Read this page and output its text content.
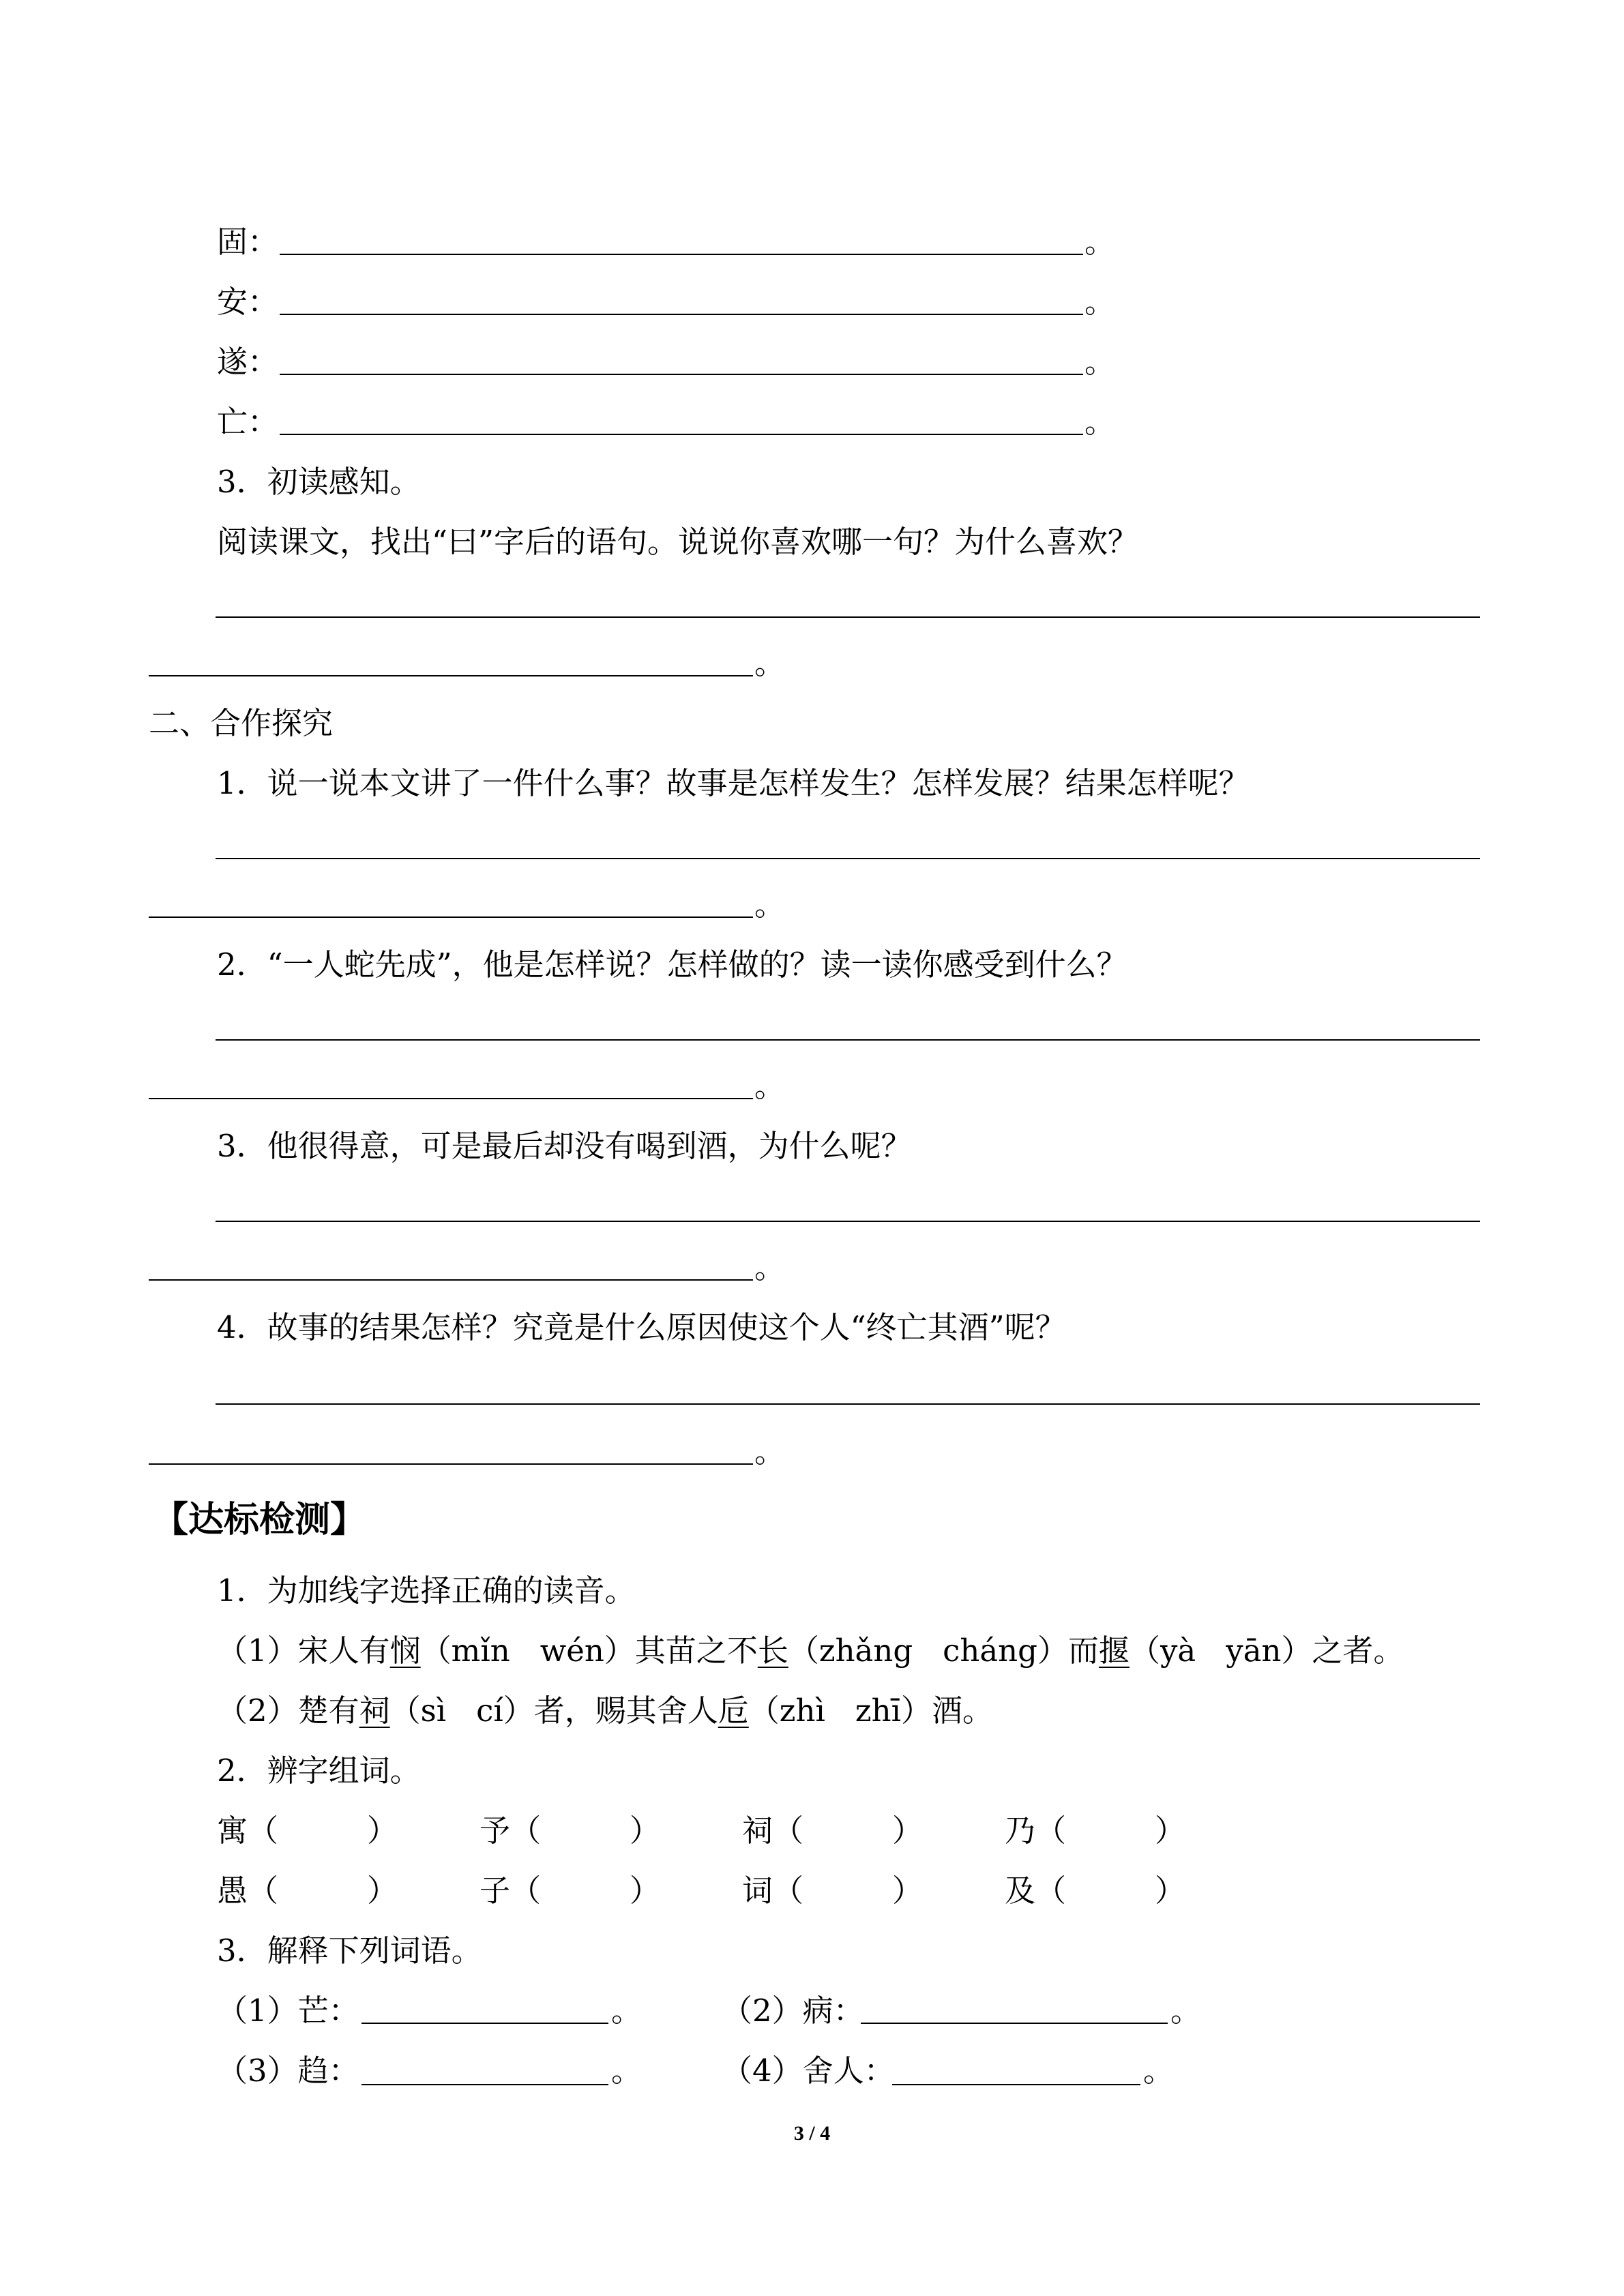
固：	。
安：	。
遂：	。
亡：	。
3．初读感知。
阅读课文，找出“曰”字后的语句。说说你喜欢哪一句？为什么喜欢？
。
二、合作探究
1．说一说本文讲了一件什么事？故事是怎样发生？怎样发展？结果怎样呢？
。
2．“一人蛇先成”，他是怎样说？怎样做的？读一读你感受到什么？
。
3．他很得意，可是最后却没有喝到酒，为什么呢？
。
4．故事的结果怎样？究竟是什么原因使这个人“终亡其酒”呢？
。
【达标检测】
1．为加线字选择正确的读音。
（1）宋人有悯（mǐn wén）其苗之不长（zhǎng cháng）而揠（yà yān）之者。
（2）楚有祠（sì cí）者，赐其舍人卮（zhì zhī）酒。
2．辨字组词。
寓（	）	予（	）	祠（	）	乃（	）
愚（	）	子（	）	词（	）	及（	）
3．解释下列词语。
（1）芒：	。	（2）病：	。
（3）趋：	。	（4）舍人：	。
3 / 4
